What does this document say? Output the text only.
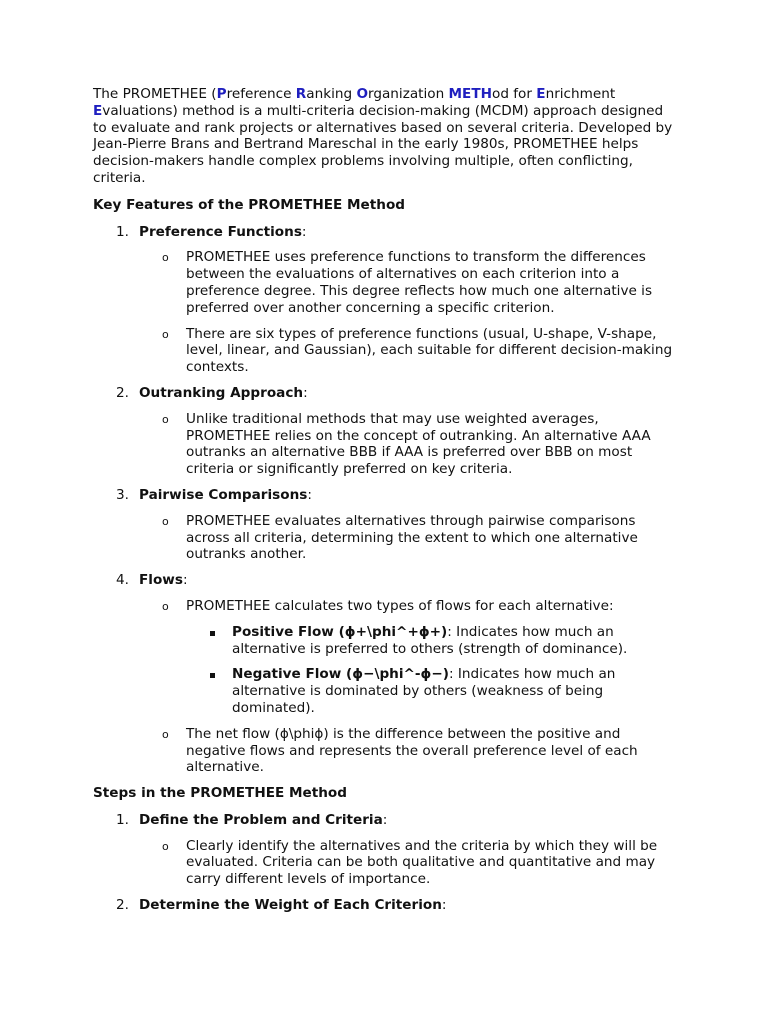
The PROMETHEE (Preference Ranking Organization METHod for Enrichment Evaluations) method is a multi-criteria decision-making (MCDM) approach designed to evaluate and rank projects or alternatives based on several criteria. Developed by Jean-Pierre Brans and Bertrand Mareschal in the early 1980s, PROMETHEE helps decision-makers handle complex problems involving multiple, often conflicting, criteria.

Key Features of the PROMETHEE Method

1. Preference Functions:
o PROMETHEE uses preference functions to transform the differences between the evaluations of alternatives on each criterion into a preference degree. This degree reflects how much one alternative is preferred over another concerning a specific criterion.
o There are six types of preference functions (usual, U-shape, V-shape, level, linear, and Gaussian), each suitable for different decision-making contexts.
2. Outranking Approach:
o Unlike traditional methods that may use weighted averages, PROMETHEE relies on the concept of outranking. An alternative AAA outranks an alternative BBB if AAA is preferred over BBB on most criteria or significantly preferred on key criteria.
3. Pairwise Comparisons:
o PROMETHEE evaluates alternatives through pairwise comparisons across all criteria, determining the extent to which one alternative outranks another.
4. Flows:
o PROMETHEE calculates two types of flows for each alternative:
Positive Flow (ϕ+\phi^+ϕ+): Indicates how much an alternative is preferred to others (strength of dominance).
Negative Flow (ϕ−\phi^-ϕ−): Indicates how much an alternative is dominated by others (weakness of being dominated).
o The net flow (ϕ\phiϕ) is the difference between the positive and negative flows and represents the overall preference level of each alternative.

Steps in the PROMETHEE Method

1. Define the Problem and Criteria:
o Clearly identify the alternatives and the criteria by which they will be evaluated. Criteria can be both qualitative and quantitative and may carry different levels of importance.
2. Determine the Weight of Each Criterion:
